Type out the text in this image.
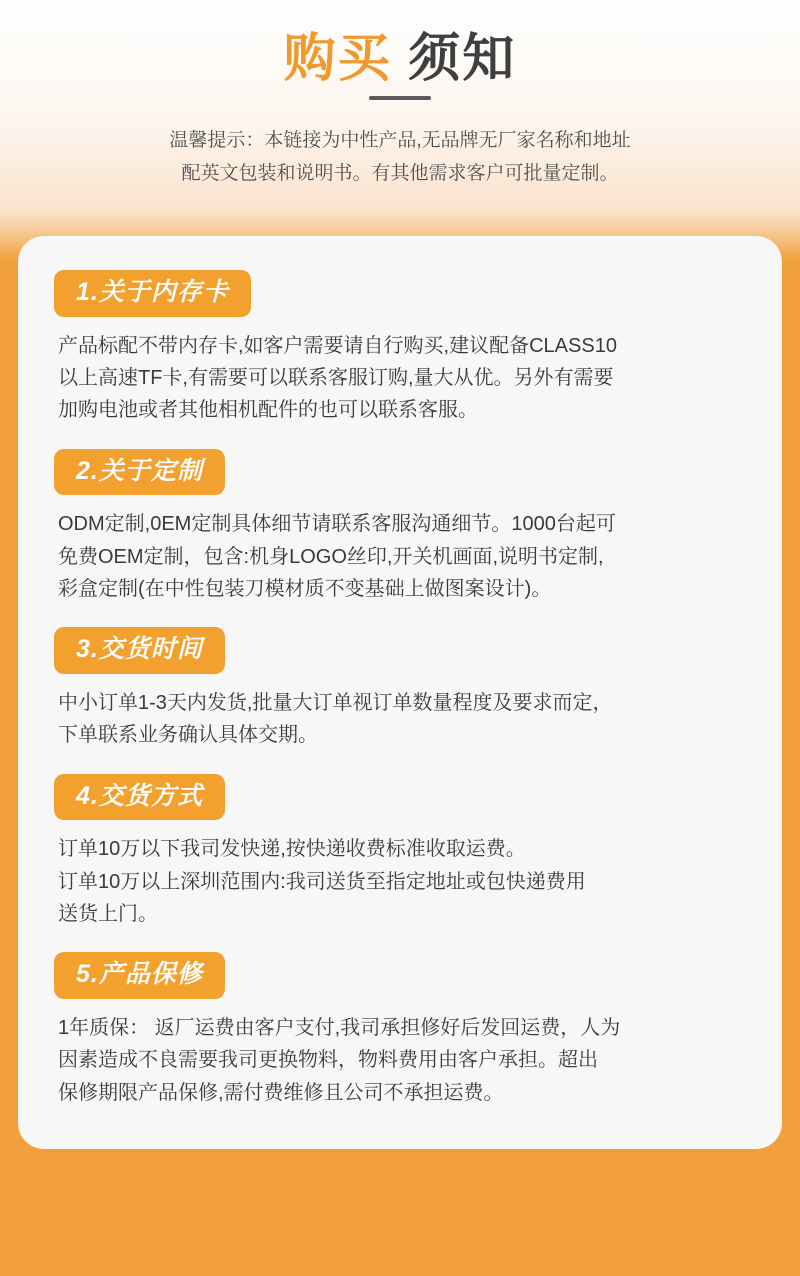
购买 须知
温馨提示：本链接为中性产品,无品牌无厂家名称和地址
配英文包装和说明书。有其他需求客户可批量定制。
1.关于内存卡
产品标配不带内存卡,如客户需要请自行购买,建议配备CLASS10
以上高速TF卡,有需要可以联系客服订购,量大从优。另外有需要
加购电池或者其他相机配件的也可以联系客服。
2.关于定制
ODM定制,0EM定制具体细节请联系客服沟通细节。1000台起可
免费OEM定制，包含:机身LOGO丝印,开关机画面,说明书定制,
彩盒定制(在中性包装刀模材质不变基础上做图案设计)。
3.交货时间
中小订单1-3天内发货,批量大订单视订单数量程度及要求而定，
下单联系业务确认具体交期。
4.交货方式
订单10万以下我司发快递,按快递收费标准收取运费。
订单10万以上深圳范围内:我司送货至指定地址或包快递费用
送货上门。
5.产品保修
1年质保： 返厂运费由客户支付,我司承担修好后发回运费，人为
因素造成不良需要我司更换物料，物料费用由客户承担。超出
保修期限产品保修,需付费维修且公司不承担运费。
